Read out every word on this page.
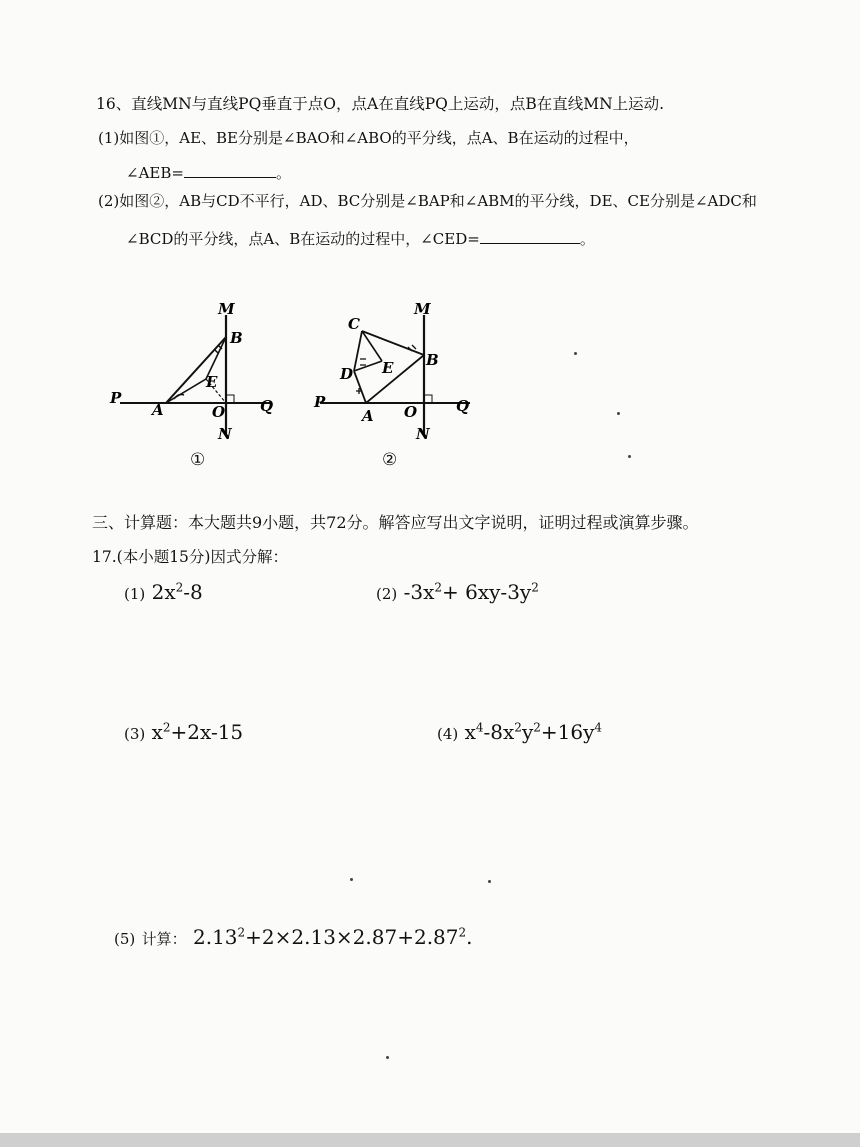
16、直线MN与直线PQ垂直于点O，点A在直线PQ上运动，点B在直线MN上运动.
(1)如图①，AE、BE分别是∠BAO和∠ABO的平分线，点A、B在运动的过程中，
∠AEB=	。
(2)如图②，AB与CD不平行，AD、BC分别是∠BAP和∠ABM的平分线，DE、CE分别是∠ADC和
∠BCD的平分线，点A、B在运动的过程中，∠CED=	。
M
B
P
A
E
O Q
N
①
C
M
D E B
P
A O	Q
N
②
三、计算题：本大题共9小题，共72分。解答应写出文字说明，证明过程或演算步骤。
17.(本小题15分)因式分解：
(1) $2x^2-8$	(2) $-3x^2+ 6xy-3y^2$
(3) $x^2+2x-15$	(4) $x^4-8x^2y^2+16y^4$
(5) 计算： $2.13^2+2\times 2.13\times 2.87+2.87^2$.
